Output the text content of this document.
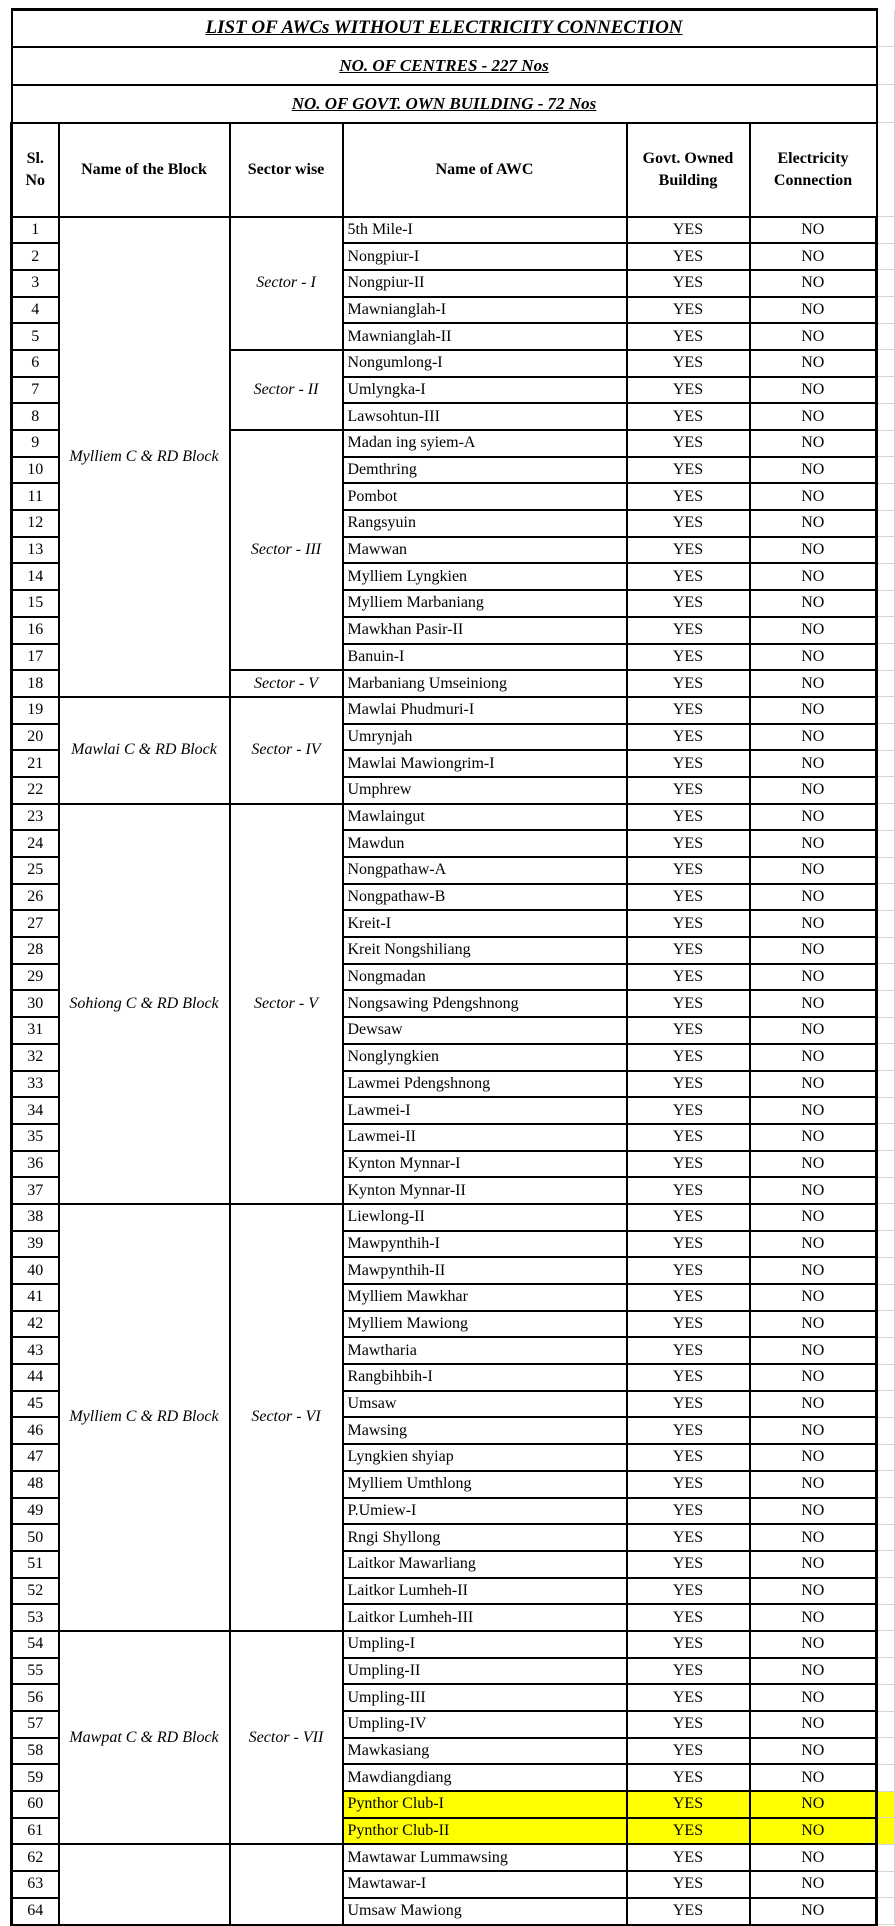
LIST OF AWCs WITHOUT ELECTRICITY CONNECTION						
NO. OF CENTRES - 227 Nos						
NO. OF GOVT. OWN BUILDING - 72 Nos						
Sl. No	Name of the Block	Sector wise	Name of AWC	Govt. Owned Building	Electricity Connection	
1	Mylliem C & RD Block	Sector - I	5th Mile-I	YES	NO	
2			Nongpiur-I	YES	NO	
3			Nongpiur-II	YES	NO	
4			Mawnianglah-I	YES	NO	
5			Mawnianglah-II	YES	NO	
6		Sector - II	Nongumlong-I	YES	NO	
7			Umlyngka-I	YES	NO	
8			Lawsohtun-III	YES	NO	
9		Sector - III	Madan ing syiem-A	YES	NO	
10			Demthring	YES	NO	
11			Pombot	YES	NO	
12			Rangsyuin	YES	NO	
13			Mawwan	YES	NO	
14			Mylliem Lyngkien	YES	NO	
15			Mylliem Marbaniang	YES	NO	
16			Mawkhan Pasir-II	YES	NO	
17			Banuin-I	YES	NO	
18		Sector - V	Marbaniang Umseiniong	YES	NO	
19	Mawlai C & RD Block	Sector - IV	Mawlai Phudmuri-I	YES	NO	
20			Umrynjah	YES	NO	
21			Mawlai Mawiongrim-I	YES	NO	
22			Umphrew	YES	NO	
23	Sohiong C & RD Block	Sector - V	Mawlaingut	YES	NO	
24			Mawdun	YES	NO	
25			Nongpathaw-A	YES	NO	
26			Nongpathaw-B	YES	NO	
27			Kreit-I	YES	NO	
28			Kreit Nongshiliang	YES	NO	
29			Nongmadan	YES	NO	
30			Nongsawing Pdengshnong	YES	NO	
31			Dewsaw	YES	NO	
32			Nonglyngkien	YES	NO	
33			Lawmei Pdengshnong	YES	NO	
34			Lawmei-I	YES	NO	
35			Lawmei-II	YES	NO	
36			Kynton Mynnar-I	YES	NO	
37			Kynton Mynnar-II	YES	NO	
38	Mylliem C & RD Block	Sector - VI	Liewlong-II	YES	NO	
39			Mawpynthih-I	YES	NO	
40			Mawpynthih-II	YES	NO	
41			Mylliem Mawkhar	YES	NO	
42			Mylliem Mawiong	YES	NO	
43			Mawtharia	YES	NO	
44			Rangbihbih-I	YES	NO	
45			Umsaw	YES	NO	
46			Mawsing	YES	NO	
47			Lyngkien shyiap	YES	NO	
48			Mylliem Umthlong	YES	NO	
49			P.Umiew-I	YES	NO	
50			Rngi Shyllong	YES	NO	
51			Laitkor Mawarliang	YES	NO	
52			Laitkor Lumheh-II	YES	NO	
53			Laitkor Lumheh-III	YES	NO	
54	Mawpat C & RD Block	Sector - VII	Umpling-I	YES	NO	
55			Umpling-II	YES	NO	
56			Umpling-III	YES	NO	
57			Umpling-IV	YES	NO	
58			Mawkasiang	YES	NO	
59			Mawdiangdiang	YES	NO	
60			Pynthor Club-I	YES	NO	
61			Pynthor Club-II	YES	NO	
62			Mawtawar Lummawsing	YES	NO	
63			Mawtawar-I	YES	NO	
64			Umsaw Mawiong	YES	NO	
